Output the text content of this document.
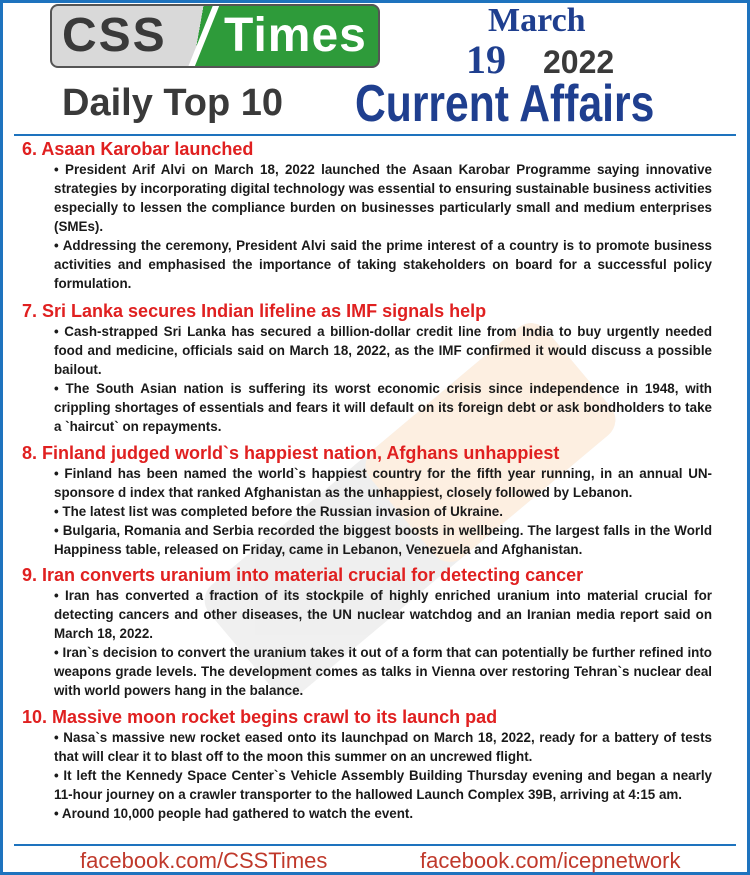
CSS Times	March
19 2022
Daily Top 10 Current Affairs

6. Asaan Karobar launched

• President Arif Alvi on March 18, 2022 launched the Asaan Karobar Programme saying innovative strategies by incorporating digital technology was essential to ensuring sustainable business activities especially to lessen the compliance burden on businesses particularly small and medium enterprises (SMEs).

• Addressing the ceremony, President Alvi said the prime interest of a country is to promote business activities and emphasised the importance of taking stakeholders on board for a successful policy formulation.

7. Sri Lanka secures Indian lifeline as IMF signals help

• Cash-strapped Sri Lanka has secured a billion-dollar credit line from India to buy urgently needed food and medicine, officials said on March 18, 2022, as the IMF confirmed it would discuss a possible bailout.

• The South Asian nation is suffering its worst economic crisis since independence in 1948, with crippling shortages of essentials and fears it will default on its foreign debt or ask bondholders to take a `haircut` on repayments.

8. Finland judged world`s happiest nation, Afghans unhappiest

• Finland has been named the world`s happiest country for the fifth year running, in an annual UN-sponsore d index that ranked Afghanistan as the unhappiest, closely followed by Lebanon.

• The latest list was completed before the Russian invasion of Ukraine.

• Bulgaria, Romania and Serbia recorded the biggest boosts in wellbeing. The largest falls in the World Happiness table, released on Friday, came in Lebanon, Venezuela and Afghanistan.

9. Iran converts uranium into material crucial for detecting cancer

• Iran has converted a fraction of its stockpile of highly enriched uranium into material crucial for detecting cancers and other diseases, the UN nuclear watchdog and an Iranian media report said on March 18, 2022.

• Iran`s decision to convert the uranium takes it out of a form that can potentially be further refined into weapons grade levels. The development comes as talks in Vienna over restoring Tehran`s nuclear deal with world powers hang in the balance.

10. Massive moon rocket begins crawl to its launch pad

• Nasa`s massive new rocket eased onto its launchpad on March 18, 2022, ready for a battery of tests that will clear it to blast off to the moon this summer on an uncrewed flight.

• It left the Kennedy Space Center`s Vehicle Assembly Building Thursday evening and began a nearly 11-hour journey on a crawler transporter to the hallowed Launch Complex 39B, arriving at 4:15 am.

• Around 10,000 people had gathered to watch the event.

facebook.com/CSSTimes	facebook.com/icepnetwork
